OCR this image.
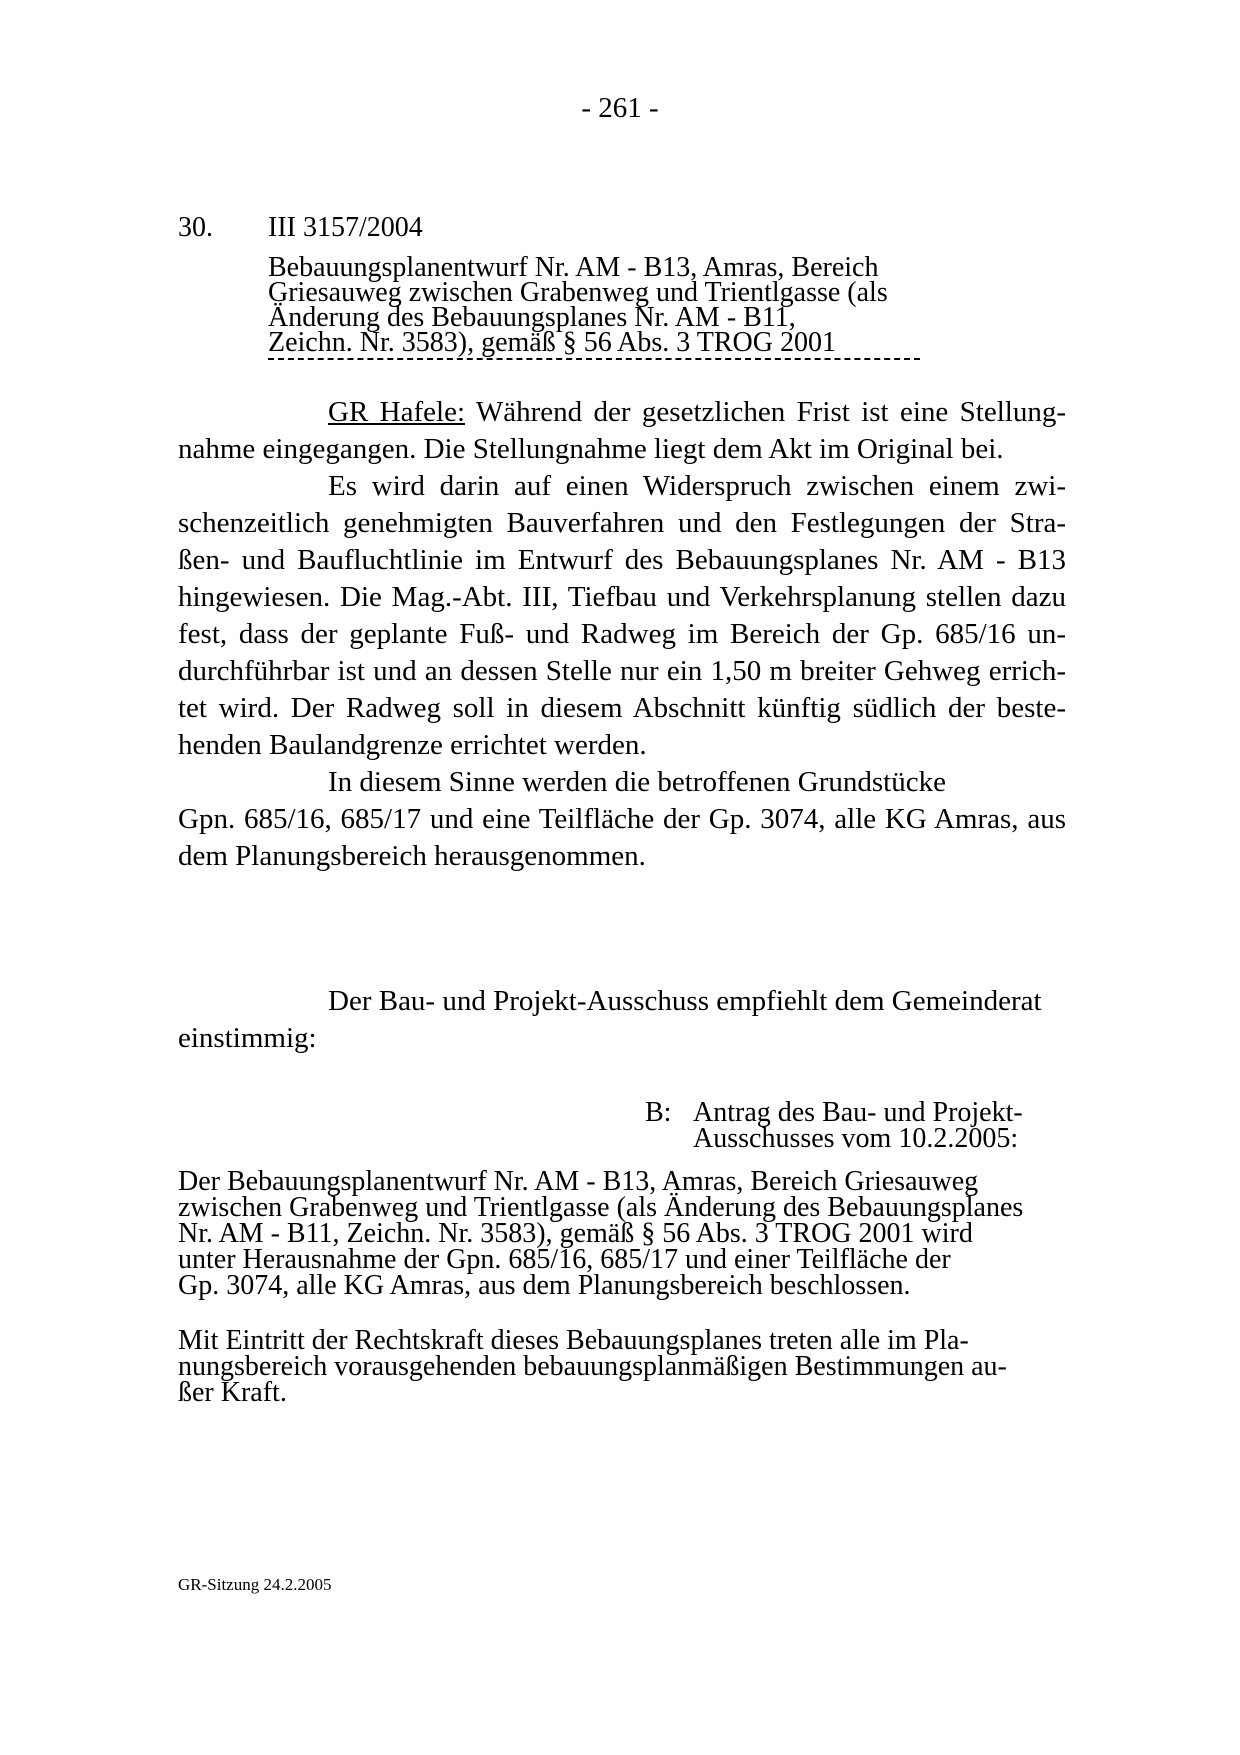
- 261 -
30. III 3157/2004
Bebauungsplanentwurf Nr. AM - B13, Amras, Bereich
Griesauweg zwischen Grabenweg und Trientlgasse (als
Änderung des Bebauungsplanes Nr. AM - B11,
Zeichn. Nr. 3583), gemäß § 56 Abs. 3 TROG 2001
GR Hafele: Während der gesetzlichen Frist ist eine Stellung-
nahme eingegangen. Die Stellungnahme liegt dem Akt im Original bei.
Es wird darin auf einen Widerspruch zwischen einem zwi-
schenzeitlich genehmigten Bauverfahren und den Festlegungen der Stra-
ßen- und Baufluchtlinie im Entwurf des Bebauungsplanes Nr. AM - B13
hingewiesen. Die Mag.-Abt. III, Tiefbau und Verkehrsplanung stellen dazu
fest, dass der geplante Fuß- und Radweg im Bereich der Gp. 685/16 un-
durchführbar ist und an dessen Stelle nur ein 1,50 m breiter Gehweg errich-
tet wird. Der Radweg soll in diesem Abschnitt künftig südlich der beste-
henden Baulandgrenze errichtet werden.
In diesem Sinne werden die betroffenen Grundstücke
Gpn. 685/16, 685/17 und eine Teilfläche der Gp. 3074, alle KG Amras, aus
dem Planungsbereich herausgenommen.
Der Bau- und Projekt-Ausschuss empfiehlt dem Gemeinderat
einstimmig:
B: Antrag des Bau- und Projekt-
Ausschusses vom 10.2.2005:
Der Bebauungsplanentwurf Nr. AM - B13, Amras, Bereich Griesauweg
zwischen Grabenweg und Trientlgasse (als Änderung des Bebauungsplanes
Nr. AM - B11, Zeichn. Nr. 3583), gemäß § 56 Abs. 3 TROG 2001 wird
unter Herausnahme der Gpn. 685/16, 685/17 und einer Teilfläche der
Gp. 3074, alle KG Amras, aus dem Planungsbereich beschlossen.
Mit Eintritt der Rechtskraft dieses Bebauungsplanes treten alle im Pla-
nungsbereich vorausgehenden bebauungsplanmäßigen Bestimmungen au-
ßer Kraft.
GR-Sitzung 24.2.2005
